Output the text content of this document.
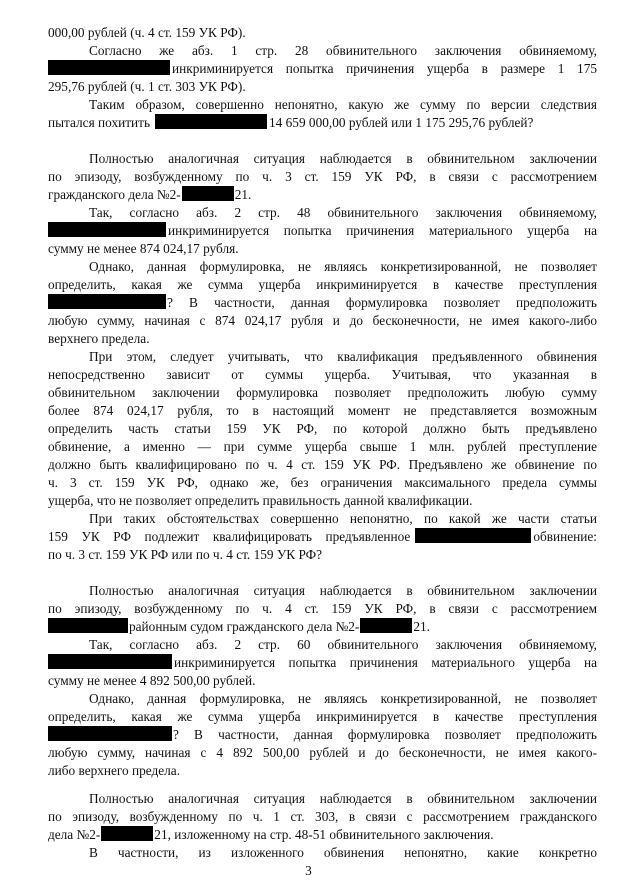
000,00 рублей (ч. 4 ст. 159 УК РФ).
Согласно же абз. 1 стр. 28 обвинительного заключения обвиняемому,
инкриминируется попытка причинения ущерба в размере 1 175
295,76 рублей (ч. 1 ст. 303 УК РФ).
Таким образом, совершенно непонятно, какую же сумму по версии следствия
пытался похитить	14 659 000,00 рублей или 1 175 295,76 рублей?
Полностью аналогичная ситуация наблюдается в обвинительном заключении
по эпизоду, возбужденному по ч. 3 ст. 159 УК РФ, в связи с рассмотрением
гражданского дела №2-	21.
Так, согласно абз. 2 стр. 48 обвинительного заключения обвиняемому,
инкриминируется попытка причинения материального ущерба на
сумму не менее 874 024,17 рубля.
Однако, данная формулировка, не являясь конкретизированной, не позволяет
определить, какая же сумма ущерба инкриминируется в качестве преступления
? В частности, данная формулировка позволяет предположить
любую сумму, начиная с 874 024,17 рубля и до бесконечности, не имея какого-либо
верхнего предела.
При этом, следует учитывать, что квалификация предъявленного обвинения
непосредственно зависит от суммы ущерба. Учитывая, что указанная в
обвинительном заключении формулировка позволяет предположить любую сумму
более 874 024,17 рубля, то в настоящий момент не представляется возможным
определить часть статьи 159 УК РФ, по которой должно быть предъявлено
обвинение, а именно — при сумме ущерба свыше 1 млн. рублей преступление
должно быть квалифицировано по ч. 4 ст. 159 УК РФ. Предъявлено же обвинение по
ч. 3 ст. 159 УК РФ, однако же, без ограничения максимального предела суммы
ущерба, что не позволяет определить правильность данной квалификации.
При таких обстоятельствах совершенно непонятно, по какой же части статьи
159 УК РФ подлежит квалифицировать предъявленное	обвинение:
по ч. 3 ст. 159 УК РФ или по ч. 4 ст. 159 УК РФ?
Полностью аналогичная ситуация наблюдается в обвинительном заключении
по эпизоду, возбужденному по ч. 4 ст. 159 УК РФ, в связи с рассмотрением
районным судом гражданского дела №2-	21.
Так, согласно абз. 2 стр. 60 обвинительного заключения обвиняемому,
инкриминируется попытка причинения материального ущерба на
сумму не менее 4 892 500,00 рублей.
Однако, данная формулировка, не являясь конкретизированной, не позволяет
определить, какая же сумма ущерба инкриминируется в качестве преступления
? В частности, данная формулировка позволяет предположить
любую сумму, начиная с 4 892 500,00 рублей и до бесконечности, не имея какого-
либо верхнего предела.
Полностью аналогичная ситуация наблюдается в обвинительном заключении
по эпизоду, возбужденному по ч. 1 ст. 303, в связи с рассмотрением гражданского
дела №2-	21, изложенному на стр. 48-51 обвинительного заключения.
3
В частности, из изложенного обвинения непонятно, какие конкретно
